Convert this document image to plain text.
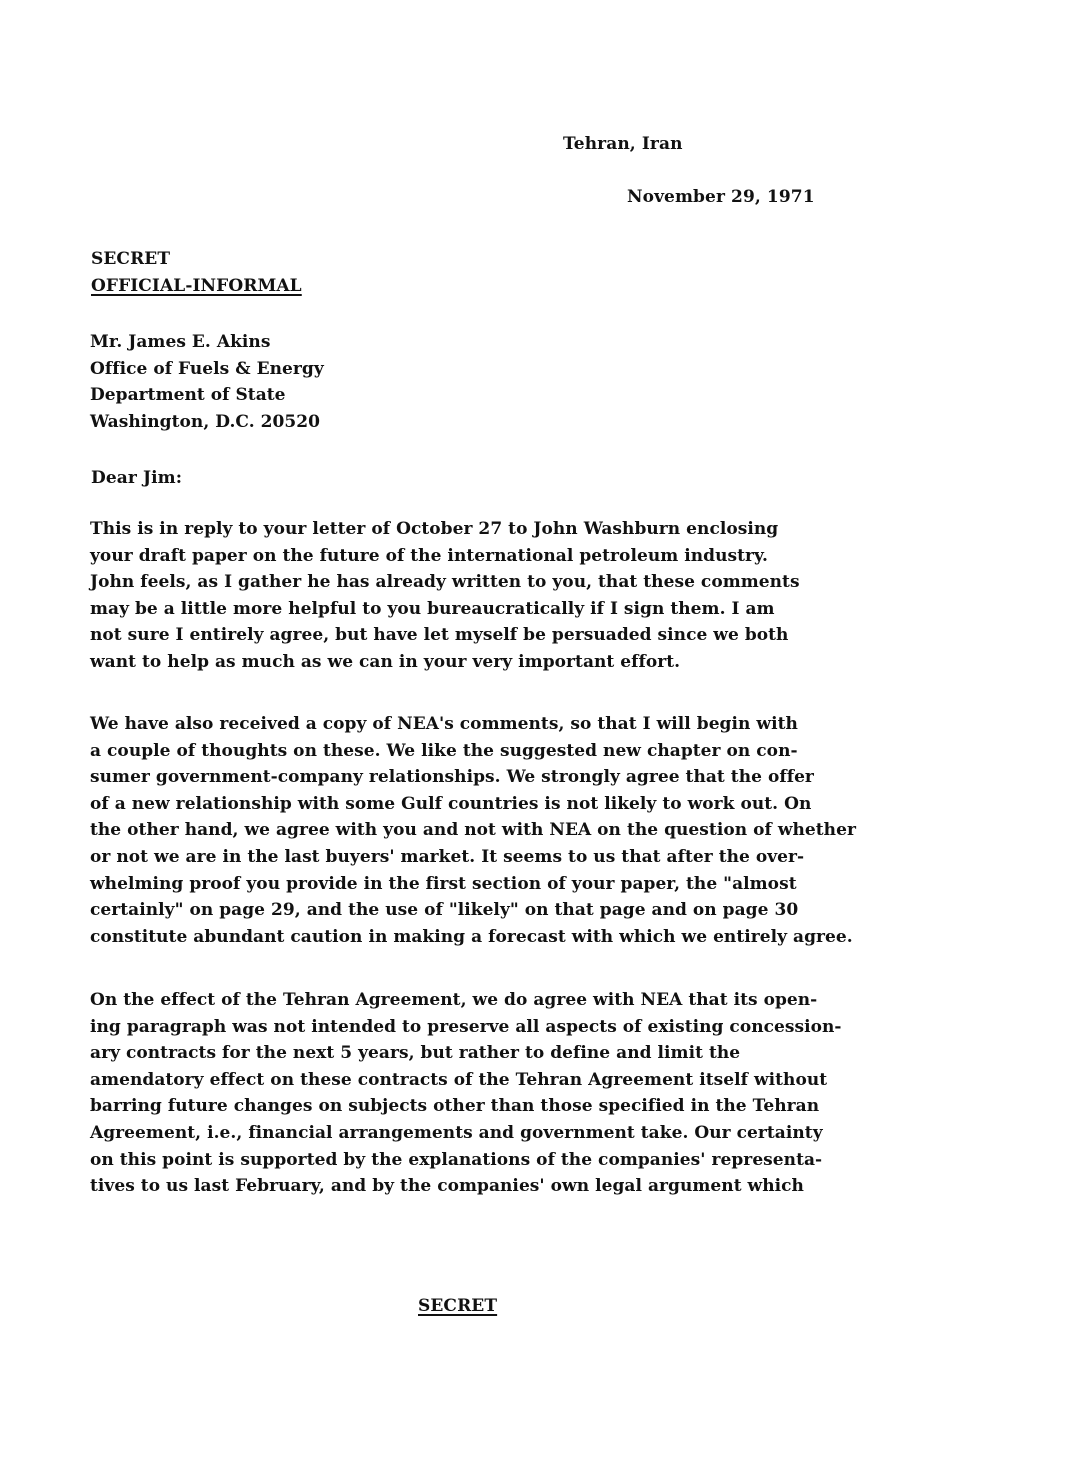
Tehran, Iran
November 29, 1971
SECRET
OFFICIAL-INFORMAL
Mr. James E. Akins
Office of Fuels & Energy
Department of State
Washington, D.C. 20520
Dear Jim:
This is in reply to your letter of October 27 to John Washburn enclosing
your draft paper on the future of the international petroleum industry.
John feels, as I gather he has already written to you, that these comments
may be a little more helpful to you bureaucratically if I sign them. I am
not sure I entirely agree, but have let myself be persuaded since we both
want to help as much as we can in your very important effort.
We have also received a copy of NEA's comments, so that I will begin with
a couple of thoughts on these. We like the suggested new chapter on con-
sumer government-company relationships. We strongly agree that the offer
of a new relationship with some Gulf countries is not likely to work out. On
the other hand, we agree with you and not with NEA on the question of whether
or not we are in the last buyers' market. It seems to us that after the over-
whelming proof you provide in the first section of your paper, the "almost
certainly" on page 29, and the use of "likely" on that page and on page 30
constitute abundant caution in making a forecast with which we entirely agree.
On the effect of the Tehran Agreement, we do agree with NEA that its open-
ing paragraph was not intended to preserve all aspects of existing concession-
ary contracts for the next 5 years, but rather to define and limit the
amendatory effect on these contracts of the Tehran Agreement itself without
barring future changes on subjects other than those specified in the Tehran
Agreement, i.e., financial arrangements and government take. Our certainty
on this point is supported by the explanations of the companies' representa-
tives to us last February, and by the companies' own legal argument which
SECRET
